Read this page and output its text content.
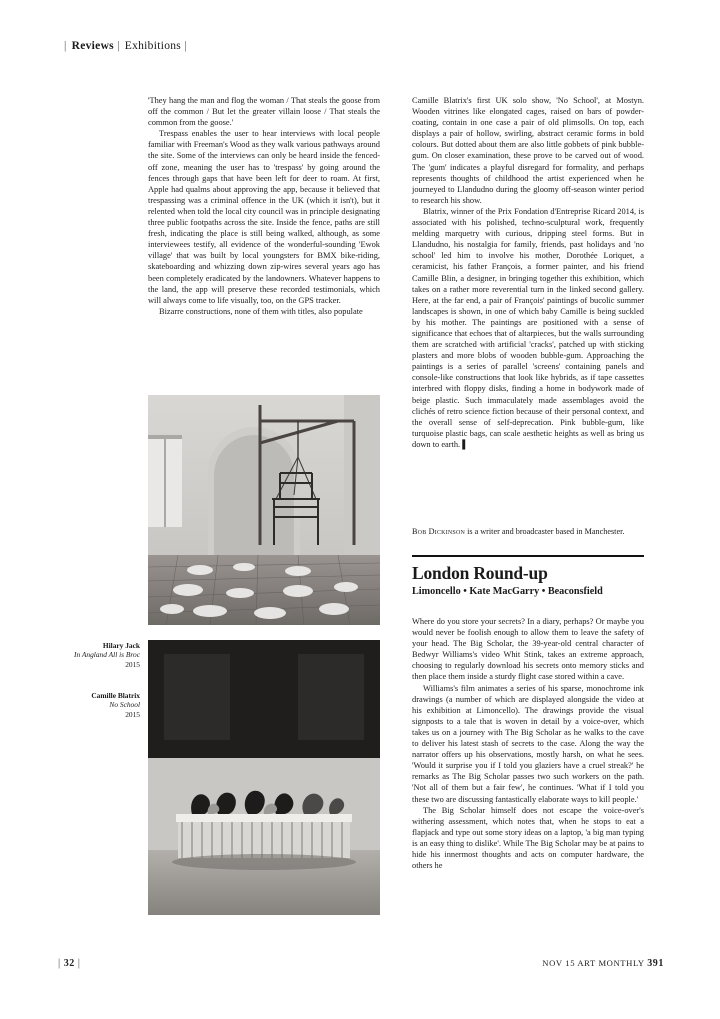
| Reviews | Exhibitions |

'They hang the man and flog the woman / That steals the goose from off the common / But let the greater villain loose / That steals the common from the goose.'

Trespass enables the user to hear interviews with local people familiar with Freeman's Wood as they walk various pathways around the site. Some of the interviews can only be heard inside the fenced-off zone, meaning the user has to 'trespass' by going around the fences through gaps that have been left for deer to roam. At first, Apple had qualms about approving the app, because it believed that trespassing was a criminal offence in the UK (which it isn't), but it relented when told the local city council was in principle designating three public footpaths across the site. Inside the fence, paths are still fresh, indicating the place is still being walked, although, as some interviewees testify, all evidence of the wonderful-sounding 'Ewok village' that was built by local youngsters for BMX bike-riding, skateboarding and whizzing down zip-wires several years ago has been completely eradicated by the landowners. Whatever happens to the land, the app will preserve these recorded testimonials, which will always come to life visually, too, on the GPS tracker.

Bizarre constructions, none of them with titles, also populate

Camille Blatrix's first UK solo show, 'No School', at Mostyn. Wooden vitrines like elongated cages, raised on bars of powder-coating, contain in one case a pair of old plimsolls. On top, each displays a pair of hollow, swirling, abstract ceramic forms in bold colours. But dotted about them are also little gobbets of pink bubble-gum. On closer examination, these prove to be carved out of wood. The 'gum' indicates a playful disregard for formality, and perhaps represents thoughts of childhood the artist experienced when he journeyed to Llandudno during the gloomy off-season winter period to research his show.

Blatrix, winner of the Prix Fondation d'Entreprise Ricard 2014, is associated with his polished, techno-sculptural work, frequently melding marquetry with curious, dripping steel forms. But in Llandudno, his nostalgia for family, friends, past holidays and 'no school' led him to involve his mother, Dorothée Loriquet, a ceramicist, his father François, a former painter, and his friend Camille Blin, a designer, in bringing together this exhibition, which takes on a rather more reverential turn in the linked second gallery. Here, at the far end, a pair of François' paintings of bucolic summer landscapes is shown, in one of which baby Camille is being suckled by his mother. The paintings are positioned with a sense of significance that echoes that of altarpieces, but the walls surrounding them are scratched with artificial 'cracks', patched up with sticking plasters and more blobs of wooden bubble-gum. Approaching the paintings is a series of parallel 'screens' containing panels and console-like constructions that look like hybrids, as if tape cassettes interbred with floppy disks, finding a home in bodywork made of beige plastic. Such immaculately made assemblages avoid the clichés of retro science fiction because of their personal context, and the overall sense of self-deprecation. Pink bubble-gum, like turquoise plastic bags, can scale aesthetic heights as well as bring us down to earth. ▌

Bob Dickinson is a writer and broadcaster based in Manchester.
London Round-up
Limoncello • Kate MacGarry • Beaconsfield

Where do you store your secrets? In a diary, perhaps? Or maybe you would never be foolish enough to allow them to leave the safety of your head. The Big Scholar, the 39-year-old central character of Bedwyr Williams's video Whit Stink, takes an extreme approach, choosing to regularly download his secrets onto memory sticks and then place them inside a sturdy flight case stored within a cave.

Williams's film animates a series of his sparse, monochrome ink drawings (a number of which are displayed alongside the video at his exhibition at Limoncello). The drawings provide the visual signposts to a tale that is woven in detail by a voice-over, which takes us on a journey with The Big Scholar as he walks to the cave to deliver his latest stash of secrets to the case. Along the way the narrator offers up his observations, mostly harsh, on what he sees. 'Would it surprise you if I told you glaziers have a cruel streak?' he remarks as The Big Scholar passes two such workers on the path. 'Not all of them but a fair few', he continues. 'What if I told you these two are discussing fantastically elaborate ways to kill people.'

The Big Scholar himself does not escape the voice-over's withering assessment, which notes that, when he stops to eat a flapjack and type out some story ideas on a laptop, 'a big man typing is an easy thing to dislike'. While The Big Scholar may be at pains to hide his innermost thoughts and acts on computer hardware, the others he

Hilary Jack
In Angland All is Broc
2015
Camille Blatrix
No School
2015
| 32 |	NOV 15 ART MONTHLY 391
